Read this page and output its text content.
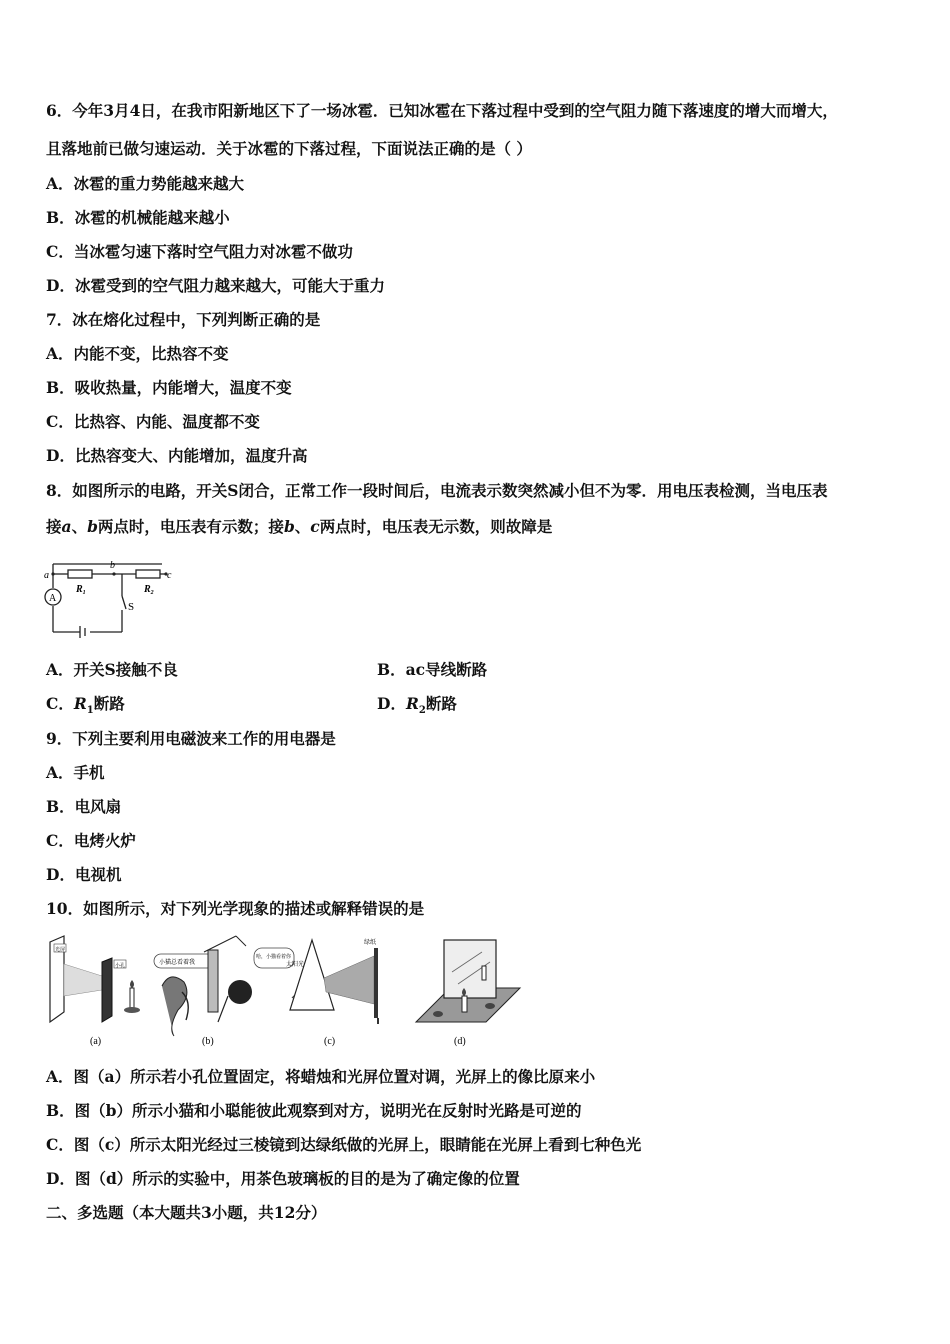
6．今年3月4日，在我市阳新地区下了一场冰雹．已知冰雹在下落过程中受到的空气阻力随下落速度的增大而增大，
且落地前已做匀速运动．关于冰雹的下落过程，下面说法正确的是（ ）
A．冰雹的重力势能越来越大
B．冰雹的机械能越来越小
C．当冰雹匀速下落时空气阻力对冰雹不做功
D．冰雹受到的空气阻力越来越大，可能大于重力
7．冰在熔化过程中，下列判断正确的是
A．内能不变，比热容不变
B．吸收热量，内能增大，温度不变
C．比热容、内能、温度都不变
D．比热容变大、内能增加，温度升高
8．如图所示的电路，开关S闭合，正常工作一段时间后，电流表示数突然减小但不为零．用电压表检测，当电压表
接a、b两点时，电压表有示数；接b、c两点时，电压表无示数，则故障是
a
b
c
A
$R_1$	$R_2$
S
A．开关S接触不良	B．ac导线断路
C．$R_1$断路	D．$R_2$断路
9．下列主要利用电磁波来工作的用电器是
A．手机
B．电风扇
C．电烤火炉
D．电视机
10．如图所示，对下列光学现象的描述或解释错误的是
光屏
小孔
(a)
小猫总看着我
哈，小猫看着你
(b)
太阳光
绿纸
(c)	(d)
A．图（a）所示若小孔位置固定，将蜡烛和光屏位置对调，光屏上的像比原来小
B．图（b）所示小猫和小聪能彼此观察到对方，说明光在反射时光路是可逆的
C．图（c）所示太阳光经过三棱镜到达绿纸做的光屏上，眼睛能在光屏上看到七种色光
D．图（d）所示的实验中，用茶色玻璃板的目的是为了确定像的位置
二、多选题（本大题共3小题，共12分）
